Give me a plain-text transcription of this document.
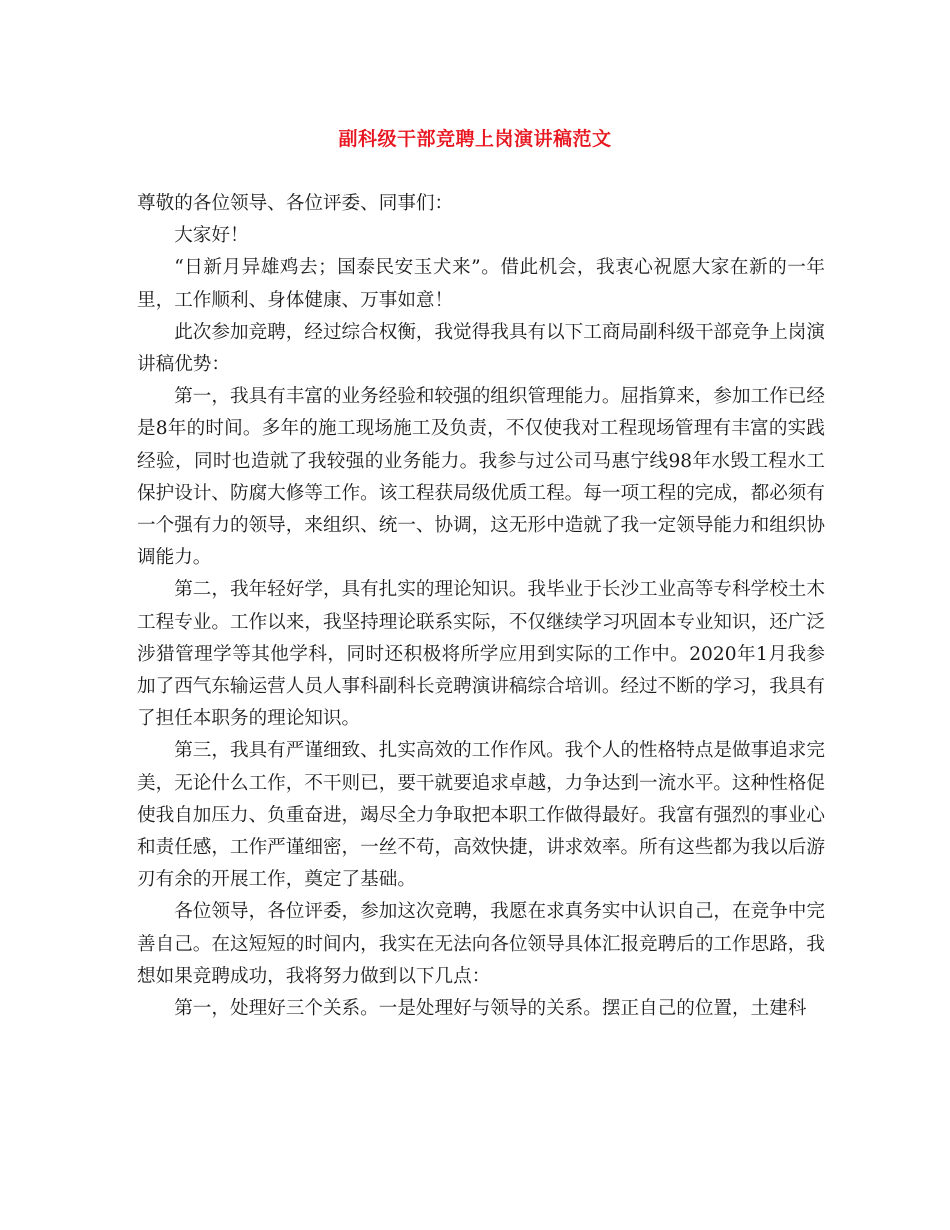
副科级干部竞聘上岗演讲稿范文

尊敬的各位领导、各位评委、同事们：

大家好！

“日新月异雄鸡去；国泰民安玉犬来”。借此机会，我衷心祝愿大家在新的一年里，工作顺利、身体健康、万事如意！

此次参加竞聘，经过综合权衡，我觉得我具有以下工商局副科级干部竞争上岗演讲稿优势：

第一，我具有丰富的业务经验和较强的组织管理能力。屈指算来，参加工作已经是8年的时间。多年的施工现场施工及负责，不仅使我对工程现场管理有丰富的实践经验，同时也造就了我较强的业务能力。我参与过公司马惠宁线98年水毁工程水工保护设计、防腐大修等工作。该工程获局级优质工程。每一项工程的完成，都必须有一个强有力的领导，来组织、统一、协调，这无形中造就了我一定领导能力和组织协调能力。

第二，我年轻好学，具有扎实的理论知识。我毕业于长沙工业高等专科学校土木工程专业。工作以来，我坚持理论联系实际，不仅继续学习巩固本专业知识，还广泛涉猎管理学等其他学科，同时还积极将所学应用到实际的工作中。2020年1月我参加了西气东输运营人员人事科副科长竞聘演讲稿综合培训。经过不断的学习，我具有了担任本职务的理论知识。

第三，我具有严谨细致、扎实高效的工作作风。我个人的性格特点是做事追求完美，无论什么工作，不干则已，要干就要追求卓越，力争达到一流水平。这种性格促使我自加压力、负重奋进，竭尽全力争取把本职工作做得最好。我富有强烈的事业心和责任感，工作严谨细密，一丝不苟，高效快捷，讲求效率。所有这些都为我以后游刃有余的开展工作，奠定了基础。

各位领导，各位评委，参加这次竞聘，我愿在求真务实中认识自己，在竞争中完善自己。在这短短的时间内，我实在无法向各位领导具体汇报竞聘后的工作思路，我想如果竞聘成功，我将努力做到以下几点：

第一，处理好三个关系。一是处理好与领导的关系。摆正自己的位置，土建科
